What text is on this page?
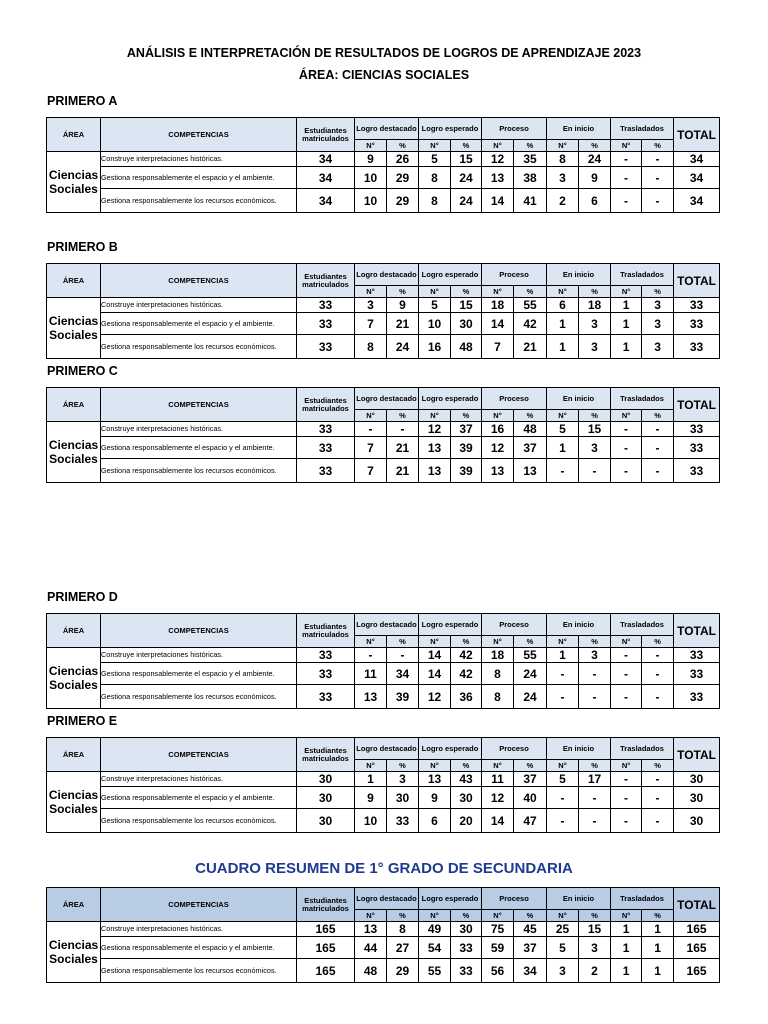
ANÁLISIS E INTERPRETACIÓN DE RESULTADOS DE LOGROS DE APRENDIZAJE 2023
ÁREA: CIENCIAS SOCIALES
PRIMERO A
ÁREA	COMPETENCIAS	Estudiantes matriculados	Logro destacado		Logro esperado		Proceso		En inicio		Trasladados		TOTAL
			N°	%	N°	%	N°	%	N°	%	N°	%	
Ciencias Sociales	Construye interpretaciones históricas.	34	9	26	5	15	12	35	8	24	-	-	34
	Gestiona responsablemente el espacio y el ambiente.	34	10	29	8	24	13	38	3	9	-	-	34
	Gestiona responsablemente los recursos económicos.	34	10	29	8	24	14	41	2	6	-	-	34
PRIMERO B
ÁREA	COMPETENCIAS	Estudiantes matriculados	Logro destacado		Logro esperado		Proceso		En inicio		Trasladados		TOTAL
			N°	%	N°	%	N°	%	N°	%	N°	%	
Ciencias Sociales	Construye interpretaciones históricas.	33	3	9	5	15	18	55	6	18	1	3	33
	Gestiona responsablemente el espacio y el ambiente.	33	7	21	10	30	14	42	1	3	1	3	33
	Gestiona responsablemente los recursos económicos.	33	8	24	16	48	7	21	1	3	1	3	33
PRIMERO C
ÁREA	COMPETENCIAS	Estudiantes matriculados	Logro destacado		Logro esperado		Proceso		En inicio		Trasladados		TOTAL
			N°	%	N°	%	N°	%	N°	%	N°	%	
Ciencias Sociales	Construye interpretaciones históricas.	33	-	-	12	37	16	48	5	15	-	-	33
	Gestiona responsablemente el espacio y el ambiente.	33	7	21	13	39	12	37	1	3	-	-	33
	Gestiona responsablemente los recursos económicos.	33	7	21	13	39	13	13	-	-	-	-	33
PRIMERO D
ÁREA	COMPETENCIAS	Estudiantes matriculados	Logro destacado		Logro esperado		Proceso		En inicio		Trasladados		TOTAL
			N°	%	N°	%	N°	%	N°	%	N°	%	
Ciencias Sociales	Construye interpretaciones históricas.	33	-	-	14	42	18	55	1	3	-	-	33
	Gestiona responsablemente el espacio y el ambiente.	33	11	34	14	42	8	24	-	-	-	-	33
	Gestiona responsablemente los recursos económicos.	33	13	39	12	36	8	24	-	-	-	-	33
PRIMERO E
ÁREA	COMPETENCIAS	Estudiantes matriculados	Logro destacado		Logro esperado		Proceso		En inicio		Trasladados		TOTAL
			N°	%	N°	%	N°	%	N°	%	N°	%	
Ciencias Sociales	Construye interpretaciones históricas.	30	1	3	13	43	11	37	5	17	-	-	30
	Gestiona responsablemente el espacio y el ambiente.	30	9	30	9	30	12	40	-	-	-	-	30
	Gestiona responsablemente los recursos económicos.	30	10	33	6	20	14	47	-	-	-	-	30
ÁREA	COMPETENCIAS	Estudiantes matriculados	Logro destacado		Logro esperado		Proceso		En inicio		Trasladados		TOTAL
			N°	%	N°	%	N°	%	N°	%	N°	%	
Ciencias Sociales	Construye interpretaciones históricas.	165	13	8	49	30	75	45	25	15	1	1	165
	Gestiona responsablemente el espacio y el ambiente.	165	44	27	54	33	59	37	5	3	1	1	165
	Gestiona responsablemente los recursos económicos.	165	48	29	55	33	56	34	3	2	1	1	165
CUADRO RESUMEN DE 1° GRADO DE SECUNDARIA
